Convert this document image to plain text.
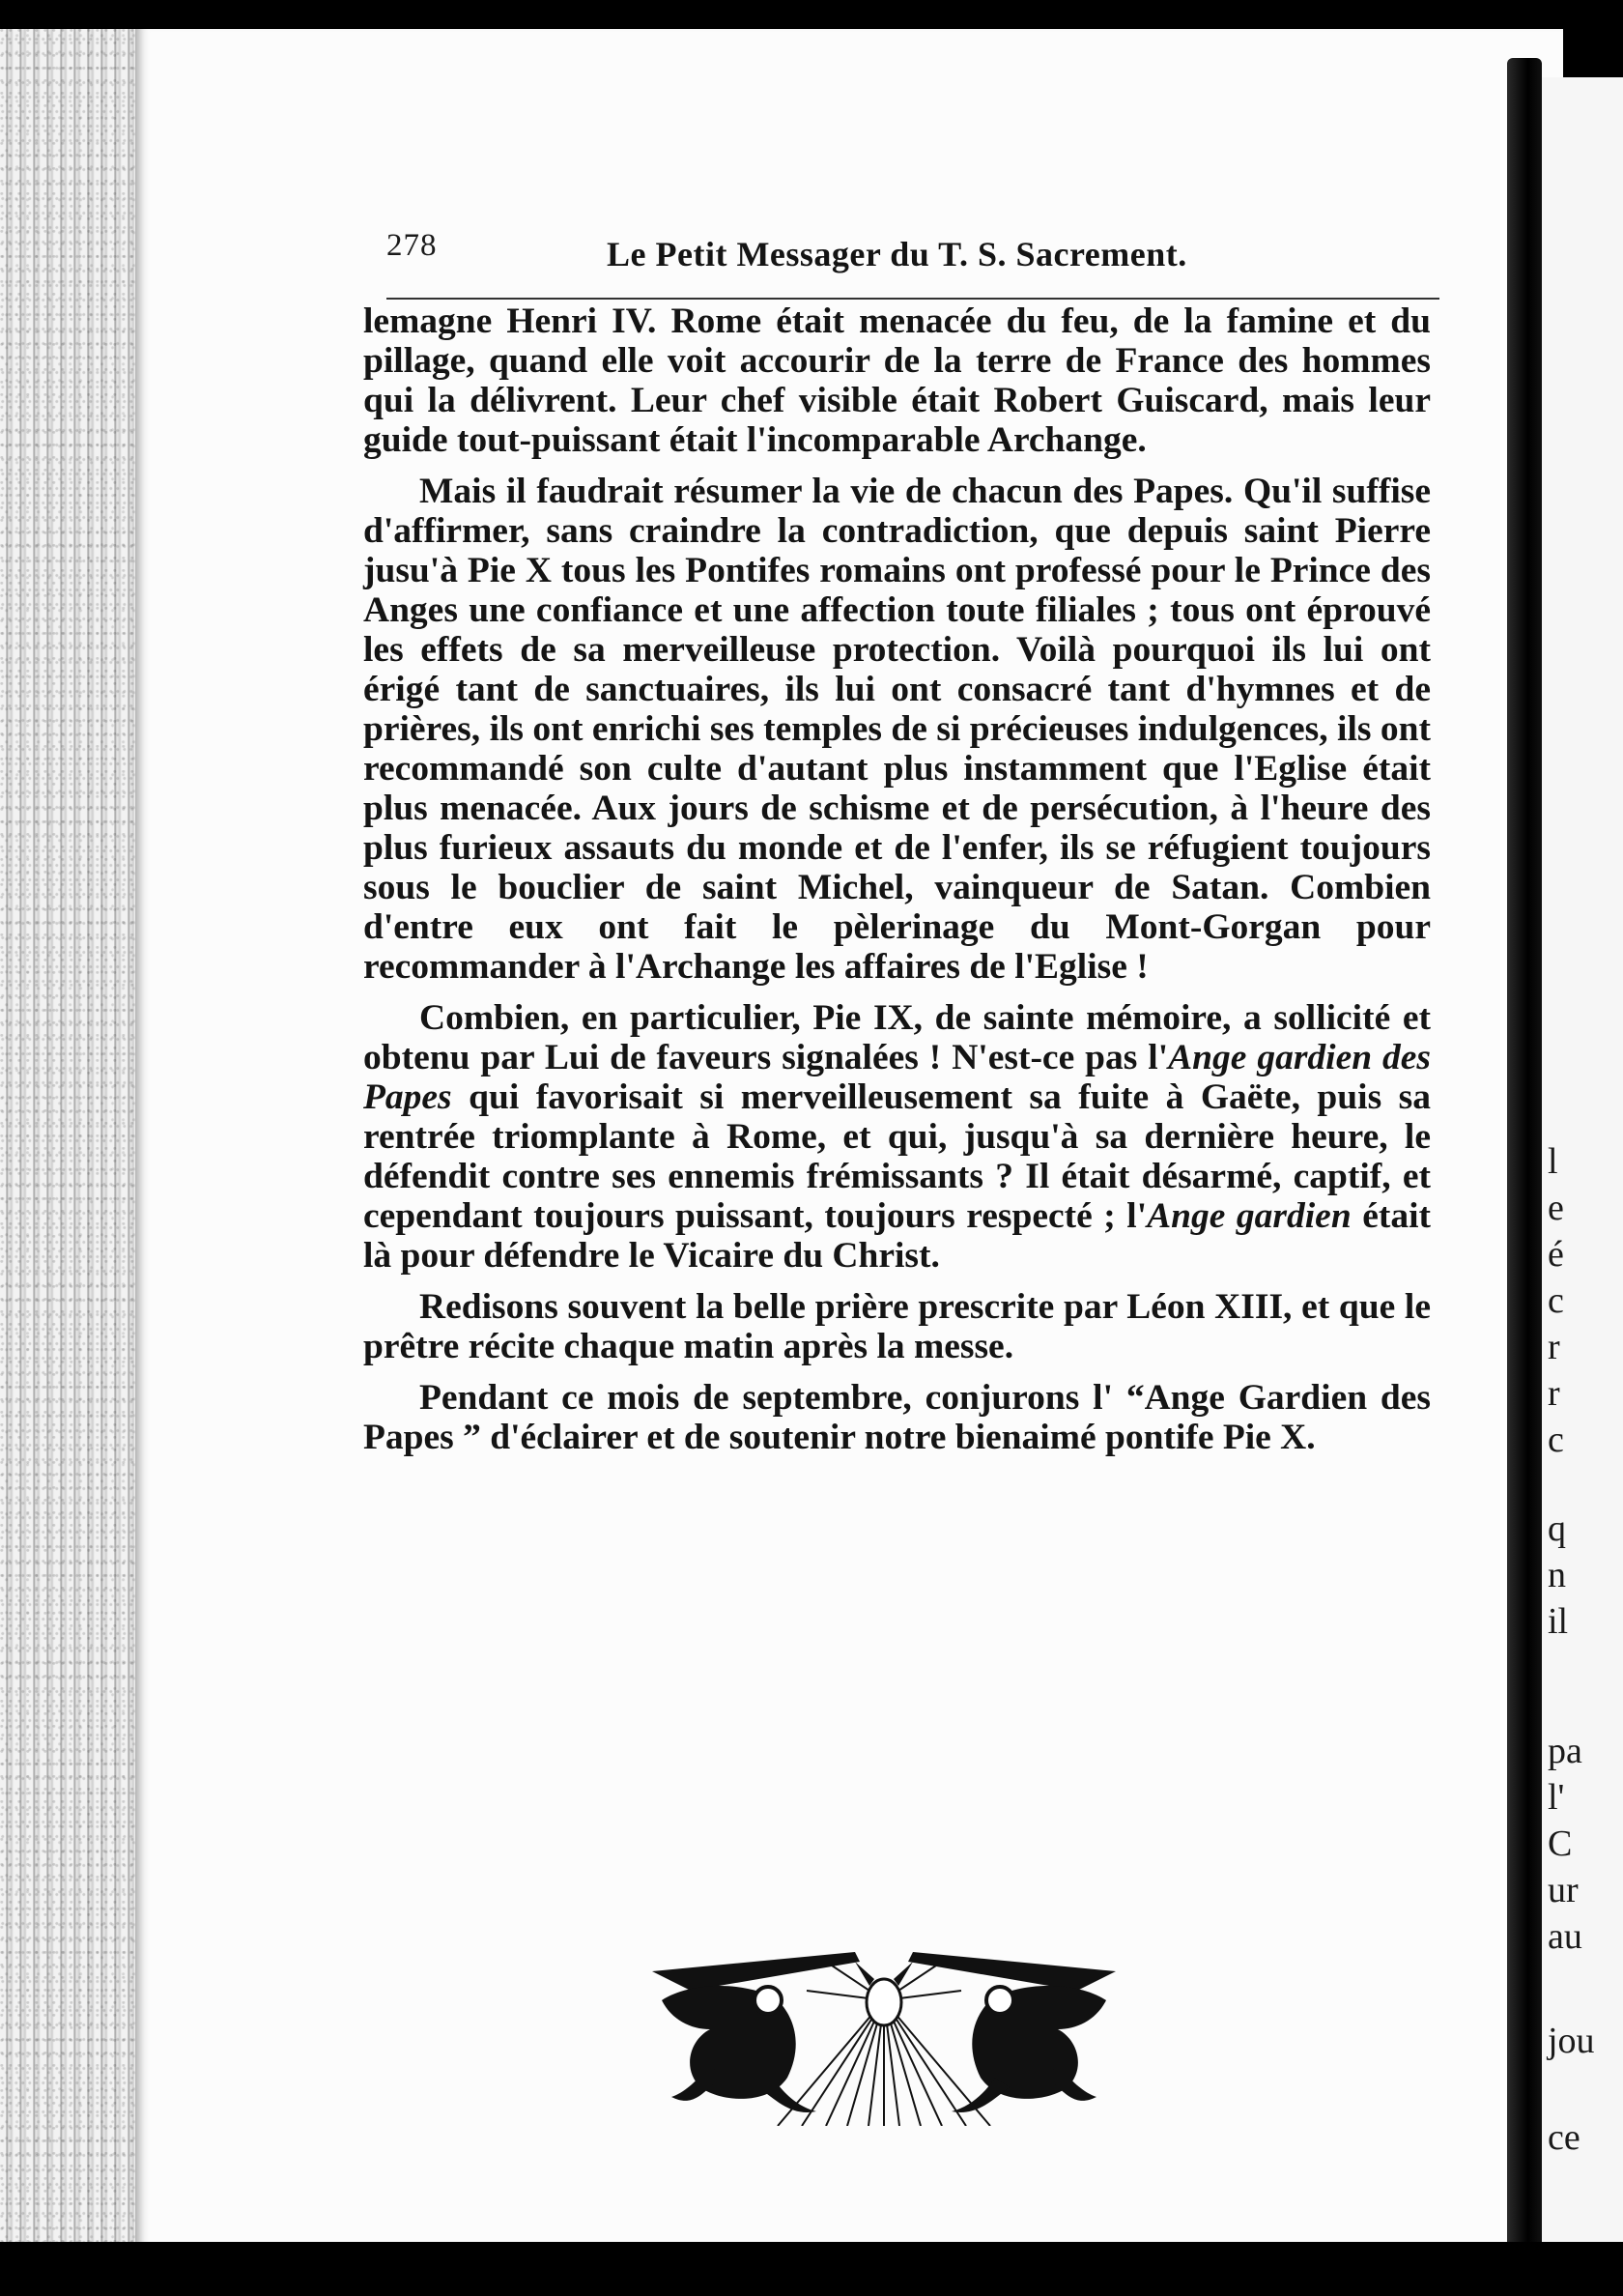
l
e
é
c
r
r
c
q
n
il
pa
l'
C
ur
au
jou
ce
278	Le Petit Messager du T. S. Sacrement.

lemagne Henri IV. Rome était menacée du feu, de la famine et du pillage, quand elle voit accourir de la terre de France des hommes qui la délivrent. Leur chef visible était Robert Guiscard, mais leur guide tout-puissant était l'incomparable Archange.

Mais il faudrait résumer la vie de chacun des Papes. Qu'il suffise d'affirmer, sans craindre la contradiction, que depuis saint Pierre jusu'à Pie X tous les Pontifes romains ont professé pour le Prince des Anges une confiance et une affection toute filiales ; tous ont éprouvé les effets de sa merveilleuse protection. Voilà pourquoi ils lui ont érigé tant de sanctuaires, ils lui ont consacré tant d'hymnes et de prières, ils ont enrichi ses temples de si précieuses indulgences, ils ont recommandé son culte d'autant plus instamment que l'Eglise était plus menacée. Aux jours de schisme et de persécution, à l'heure des plus furieux assauts du monde et de l'enfer, ils se réfugient toujours sous le bouclier de saint Michel, vainqueur de Satan. Combien d'entre eux ont fait le pèlerinage du Mont-Gorgan pour recommander à l'Archange les affaires de l'Eglise !

Combien, en particulier, Pie IX, de sainte mémoire, a sollicité et obtenu par Lui de faveurs signalées ! N'est-ce pas l'Ange gardien des Papes qui favorisait si merveilleusement sa fuite à Gaëte, puis sa rentrée triomplante à Rome, et qui, jusqu'à sa dernière heure, le défendit contre ses ennemis frémissants ? Il était désarmé, captif, et cependant toujours puissant, toujours respecté ; l'Ange gardien était là pour défendre le Vicaire du Christ.

Redisons souvent la belle prière prescrite par Léon XIII, et que le prêtre récite chaque matin après la messe.

Pendant ce mois de septembre, conjurons l' “Ange Gardien des Papes ” d'éclairer et de soutenir notre bienaimé pontife Pie X.
